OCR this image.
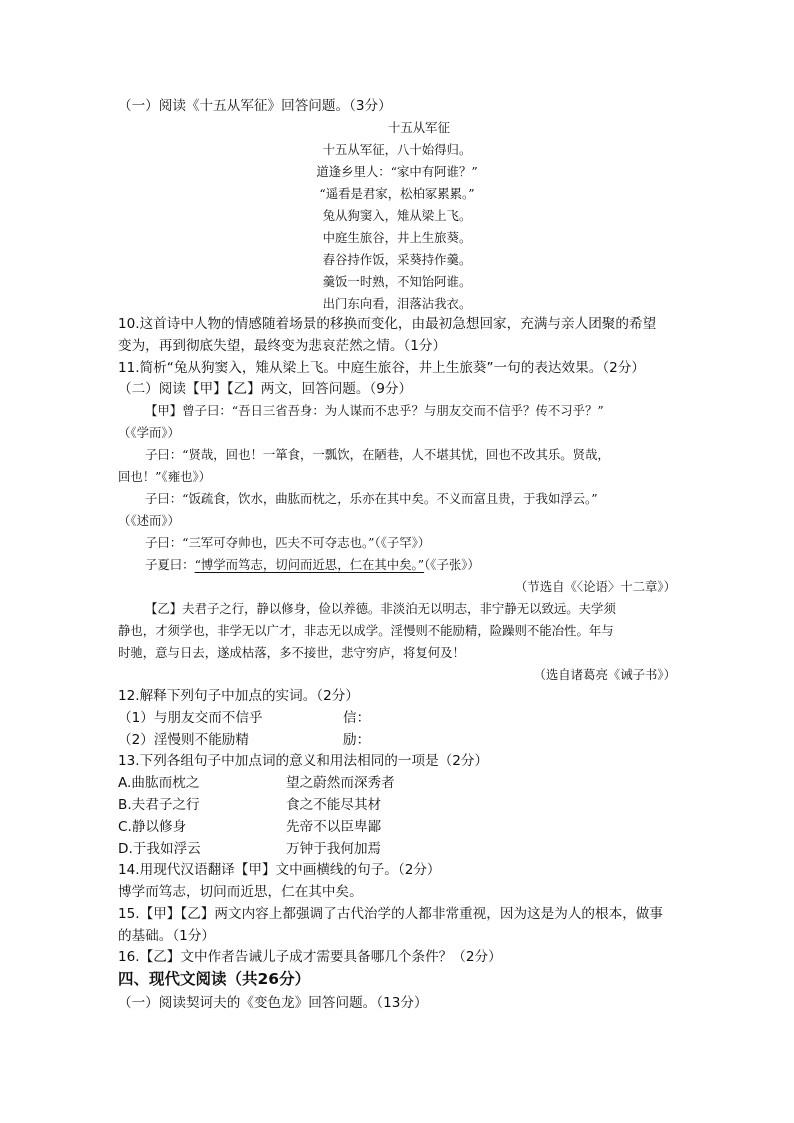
（一）阅读《十五从军征》回答问题。（3分）
十五从军征
十五从军征，八十始得归。
道逢乡里人：“家中有阿谁？”
“遥看是君家，松柏冢累累。”
兔从狗窦入，雉从梁上飞。
中庭生旅谷，井上生旅葵。
舂谷持作饭，采葵持作羹。
羹饭一时熟，不知饴阿谁。
出门东向看，泪落沾我衣。
10.这首诗中人物的情感随着场景的移换而变化，由最初急想回家，充满与亲人团聚的希望
变为，再到彻底失望，最终变为悲哀茫然之情。（1分）
11.简析“兔从狗窦入，雉从梁上飞。中庭生旅谷，井上生旅葵”一句的表达效果。（2分）
（二）阅读【甲】【乙】两文，回答问题。（9分）
【甲】曾子曰：“吾日三省吾身：为人谋而不忠乎？与朋友交而不信乎？传不习乎？”
（《学而》）
子曰：“贤哉，回也！一箪食，一瓢饮，在陋巷，人不堪其忧，回也不改其乐。贤哉，
回也！”《雍也》）
子曰：“饭疏食，饮水，曲肱而枕之，乐亦在其中矣。不义而富且贵，于我如浮云。”
（《述而》）
子曰：“三军可夺帅也，匹夫不可夺志也。”（《子罕》）
子夏曰：“博学而笃志，切问而近思，仁在其中矣。”（《子张》）
（节选自《〈论语〉十二章》）
【乙】夫君子之行，静以修身，俭以养德。非淡泊无以明志，非宁静无以致远。夫学须
静也，才须学也，非学无以广才，非志无以成学。淫慢则不能励精，险躁则不能冶性。年与
时驰，意与日去，遂成枯落，多不接世，悲守穷庐，将复何及！
（选自诸葛亮《诫子书》）
12.解释下列句子中加点的实词。（2分）
（1）与朋友交而不信乎	信：
（2）淫慢则不能励精	励：
13.下列各组句子中加点词的意义和用法相同的一项是（2分）
A.曲肱而枕之	望之蔚然而深秀者
B.夫君子之行	食之不能尽其材
C.静以修身	先帝不以臣卑鄙
D.于我如浮云	万钟于我何加焉
14.用现代汉语翻译【甲】文中画横线的句子。（2分）
博学而笃志，切问而近思，仁在其中矣。
15.【甲】【乙】两文内容上都强调了古代治学的人都非常重视，因为这是为人的根本，做事
的基础。（1分）
16.【乙】文中作者告诫儿子成才需要具备哪几个条件？（2分）
四、现代文阅读（共26分）
（一）阅读契诃夫的《变色龙》回答问题。（13分）
